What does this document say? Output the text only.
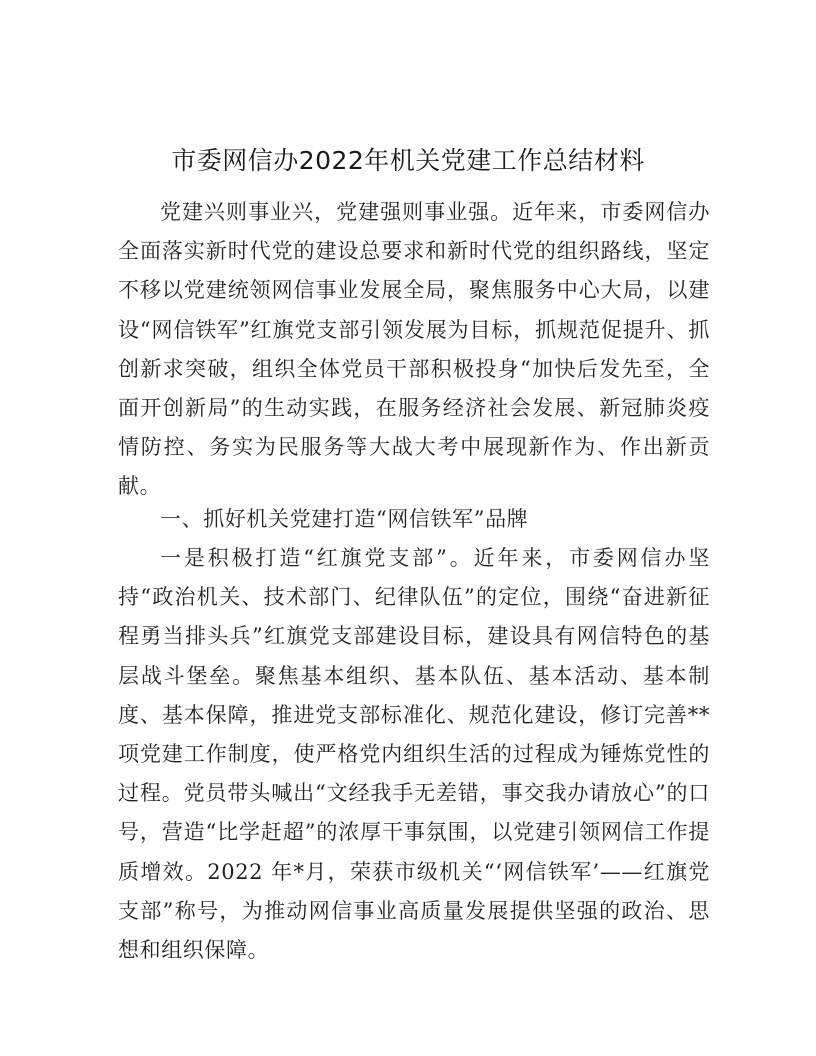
市委网信办2022年机关党建工作总结材料

党建兴则事业兴，党建强则事业强。近年来，市委网信办全面落实新时代党的建设总要求和新时代党的组织路线，坚定不移以党建统领网信事业发展全局，聚焦服务中心大局，以建设“网信铁军”红旗党支部引领发展为目标，抓规范促提升、抓创新求突破，组织全体党员干部积极投身“加快后发先至，全面开创新局”的生动实践，在服务经济社会发展、新冠肺炎疫情防控、务实为民服务等大战大考中展现新作为、作出新贡献。

一、抓好机关党建打造“网信铁军”品牌

一是积极打造“红旗党支部”。近年来，市委网信办坚持“政治机关、技术部门、纪律队伍”的定位，围绕“奋进新征程勇当排头兵”红旗党支部建设目标，建设具有网信特色的基层战斗堡垒。聚焦基本组织、基本队伍、基本活动、基本制度、基本保障，推进党支部标准化、规范化建设，修订完善**项党建工作制度，使严格党内组织生活的过程成为锤炼党性的过程。党员带头喊出“文经我手无差错，事交我办请放心”的口号，营造“比学赶超”的浓厚干事氛围，以党建引领网信工作提质增效。2022 年*月，荣获市级机关“‘网信铁军’——红旗党支部”称号，为推动网信事业高质量发展提供坚强的政治、思想和组织保障。
